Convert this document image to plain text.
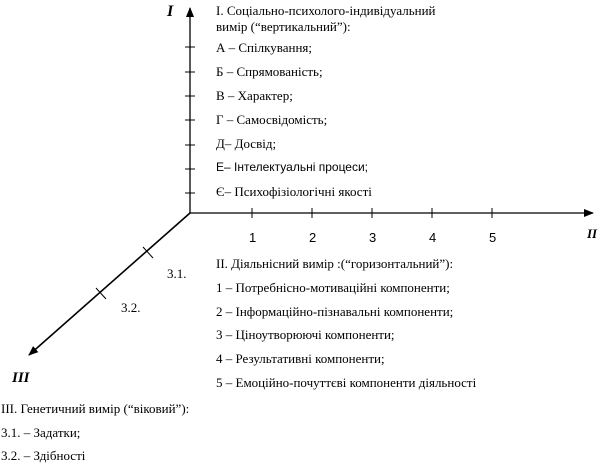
I
II
III
І. Соціально-психолого-індивідуальний
вимір (“вертикальний”):
А – Спілкування;
Б – Спрямованість;
В – Характер;
Г – Самосвідомість;
Д– Досвід;
Е– Інтелектуальні процеси;
Є– Психофізіологічні якості
1	2	3	4	5
ІІ. Діяльнісний вимір :(“горизонтальний”):
1 – Потребнісно-мотиваційні компоненти;
2 – Інформаційно-пізнавальні компоненти;
3 – Ціноутворюючі компоненти;
4 – Результативні компоненти;
5 – Емоційно-почуттєві компоненти діяльності
3.1.
3.2.
ІІІ. Генетичний вимір (“віковий”):
3.1. – Задатки;
3.2. – Здібності
